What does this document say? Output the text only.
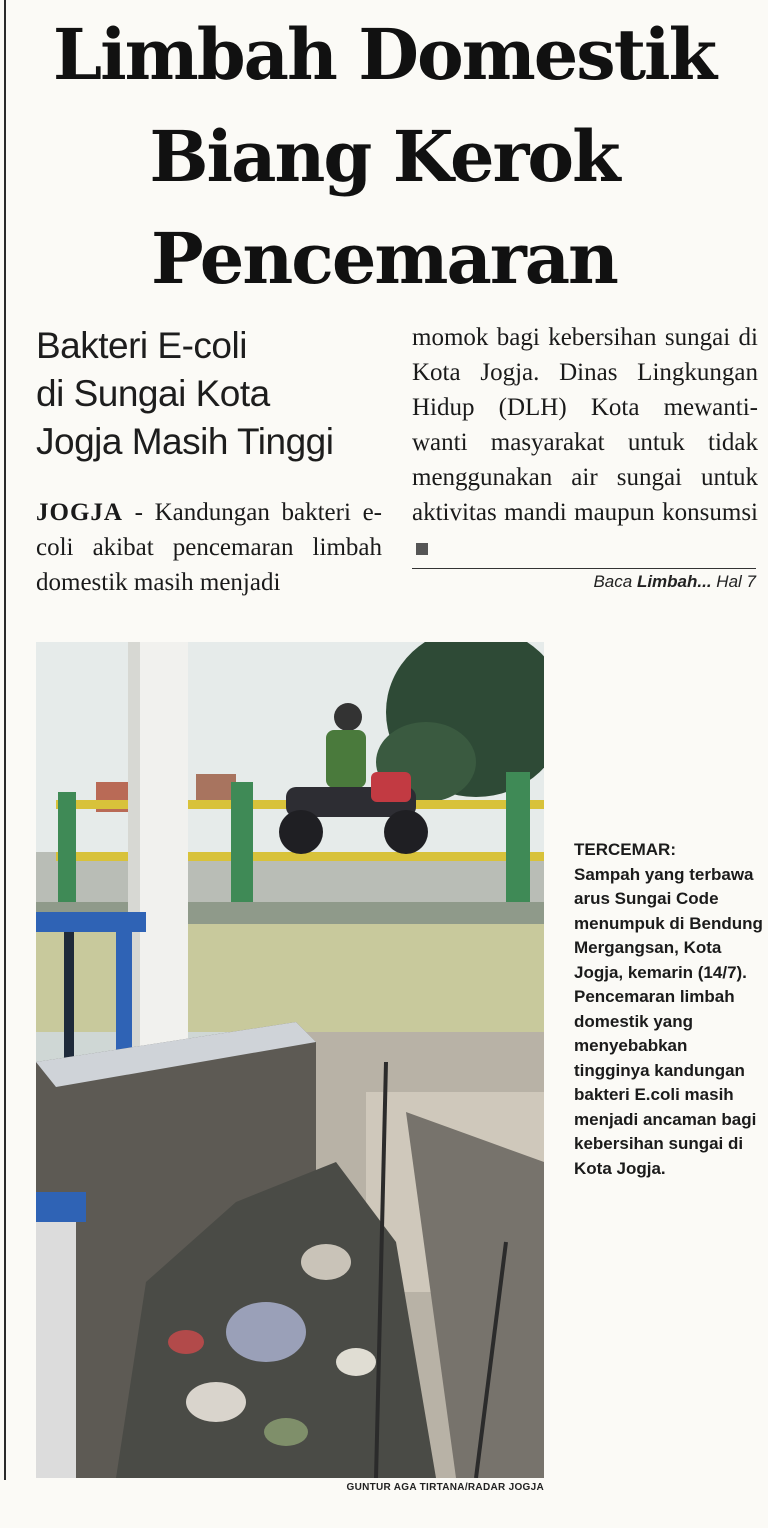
Limbah Domestik
Biang Kerok
Pencemaran
Bakteri E-coli
di Sungai Kota
Jogja Masih Tinggi
JOGJA - Kandungan bakteri e-coli akibat pencemaran limbah domestik masih menjadi
momok bagi kebersihan sungai di Kota Jogja. Dinas Lingkungan Hidup (DLH) Kota mewanti-wanti masyarakat untuk tidak menggunakan air sungai untuk aktivitas mandi maupun konsumsi
Baca Limbah... Hal 7
GUNTUR AGA TIRTANA/RADAR JOGJA
TERCEMAR:
Sampah yang terbawa arus Sungai Code menumpuk di Bendung Mergangsan, Kota Jogja, kemarin (14/7). Pencemaran limbah domestik yang menyebabkan tingginya kandungan bakteri E.coli masih menjadi ancaman bagi kebersihan sungai di Kota Jogja.
